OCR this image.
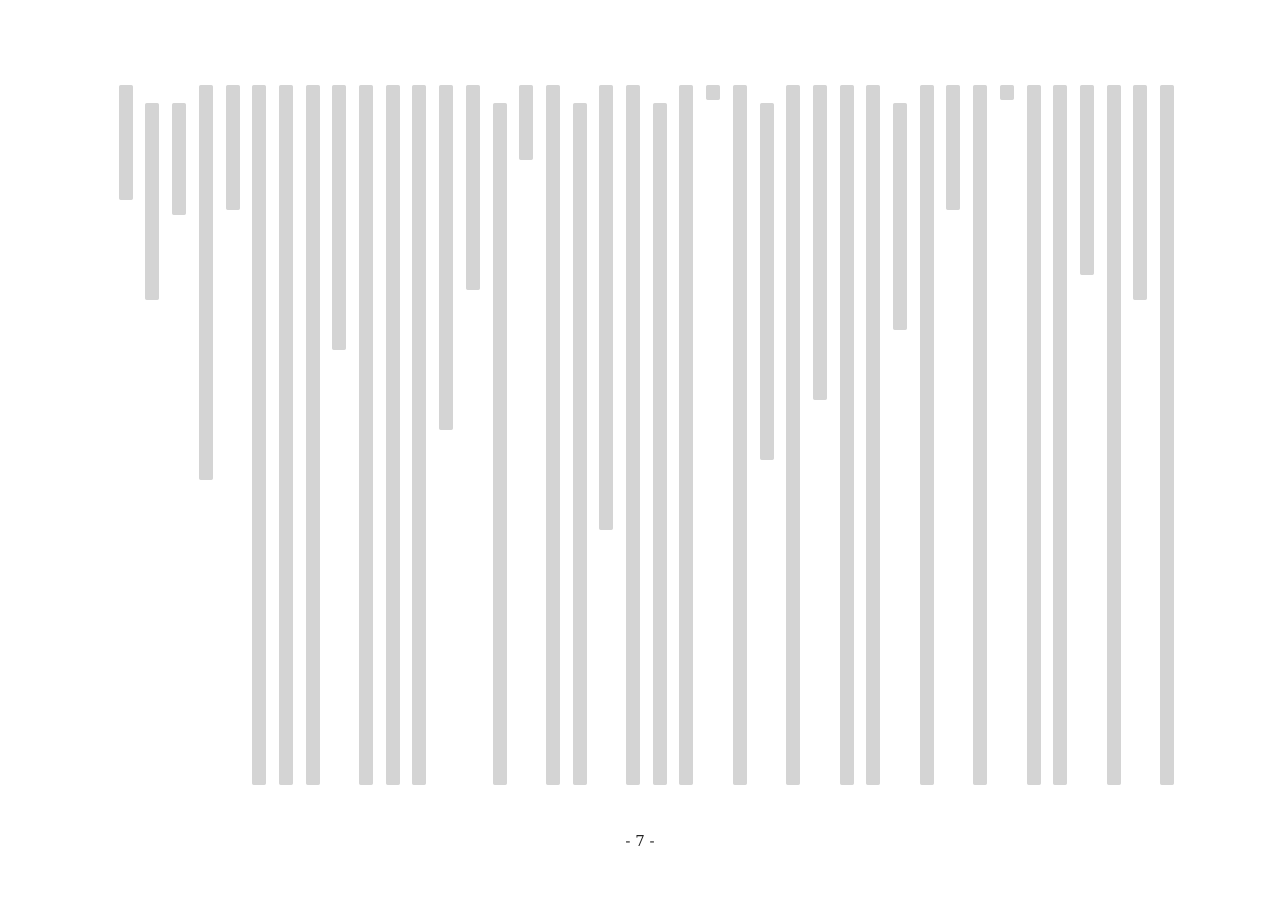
- 7 -
